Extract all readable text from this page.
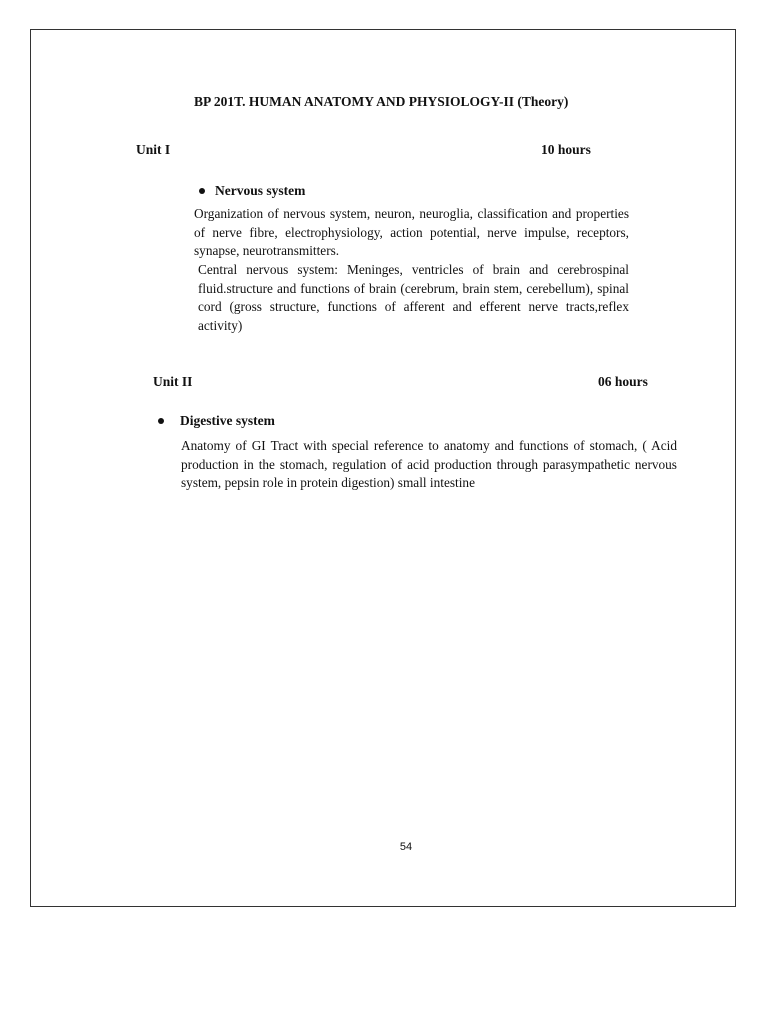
BP 201T. HUMAN ANATOMY AND PHYSIOLOGY-II (Theory)
Unit I	10 hours
Nervous system

Organization of nervous system, neuron, neuroglia, classification and properties of nerve fibre, electrophysiology, action potential, nerve impulse, receptors, synapse, neurotransmitters.

Central nervous system: Meninges, ventricles of brain and cerebrospinal fluid.structure and functions of brain (cerebrum, brain stem, cerebellum), spinal cord (gross structure, functions of afferent and efferent nerve tracts,reflex activity)

Unit II	06 hours
Digestive system

Anatomy of GI Tract with special reference to anatomy and functions of stomach, ( Acid production in the stomach, regulation of acid production through parasympathetic nervous system, pepsin role in protein digestion) small intestine

54
